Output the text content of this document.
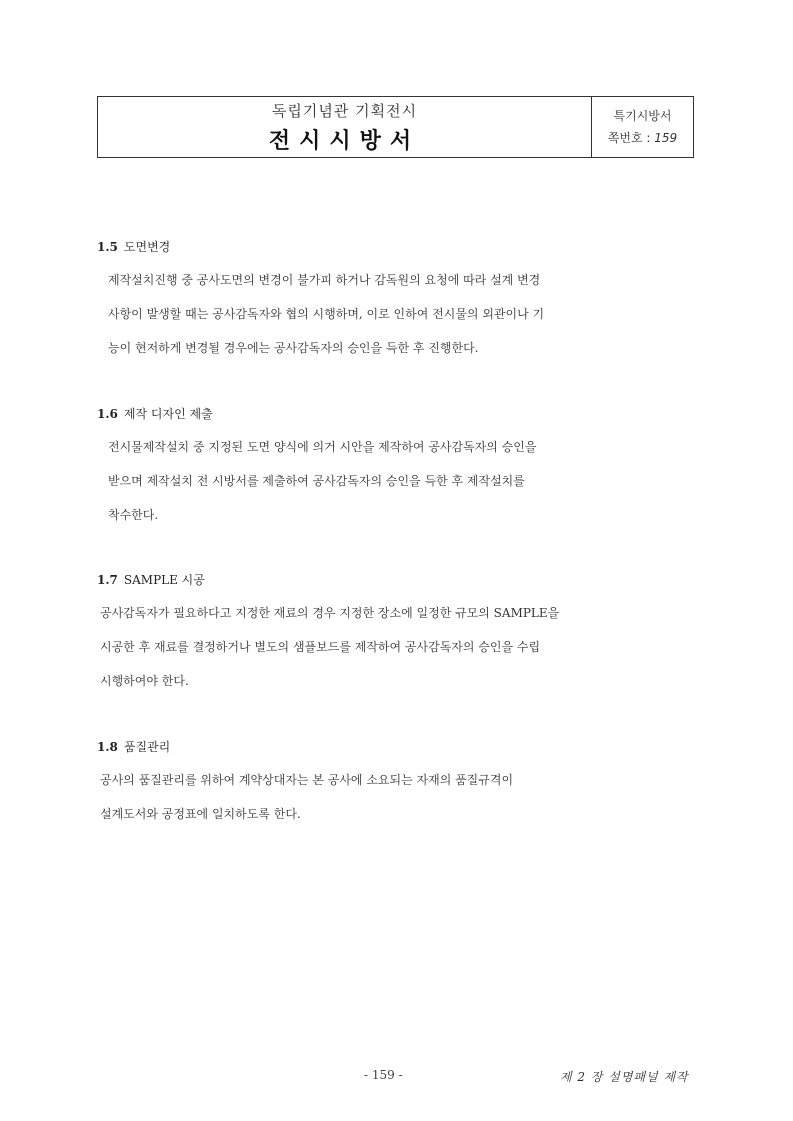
독립기념관 기획전시
전시시방서
특기시방서
쪽번호 : 159
1.5 도면변경
제작설치진행 중 공사도면의 변경이 불가피 하거나 감독원의 요청에 따라 설계 변경
사항이 발생할 때는 공사감독자와 협의 시행하며, 이로 인하여 전시물의 외관이나 기
능이 현저하게 변경될 경우에는 공사감독자의 승인을 득한 후 진행한다.
1.6 제작 디자인 제출
전시물제작설치 중 지정된 도면 양식에 의거 시안을 제작하여 공사감독자의 승인을
받으며 제작설치 전 시방서를 제출하여 공사감독자의 승인을 득한 후 제작설치를
착수한다.
1.7 SAMPLE 시공
공사감독자가 필요하다고 지정한 재료의 경우 지정한 장소에 일정한 규모의 SAMPLE을
시공한 후 재료를 결정하거나 별도의 샘플보드를 제작하여 공사감독자의 승인을 수립
시행하여야 한다.
1.8 품질관리
공사의 품질관리를 위하여 계약상대자는 본 공사에 소요되는 자재의 품질규격이
설계도서와 공정표에 일치하도록 한다.
- 159 -	제 2 장 설명패널 제작
